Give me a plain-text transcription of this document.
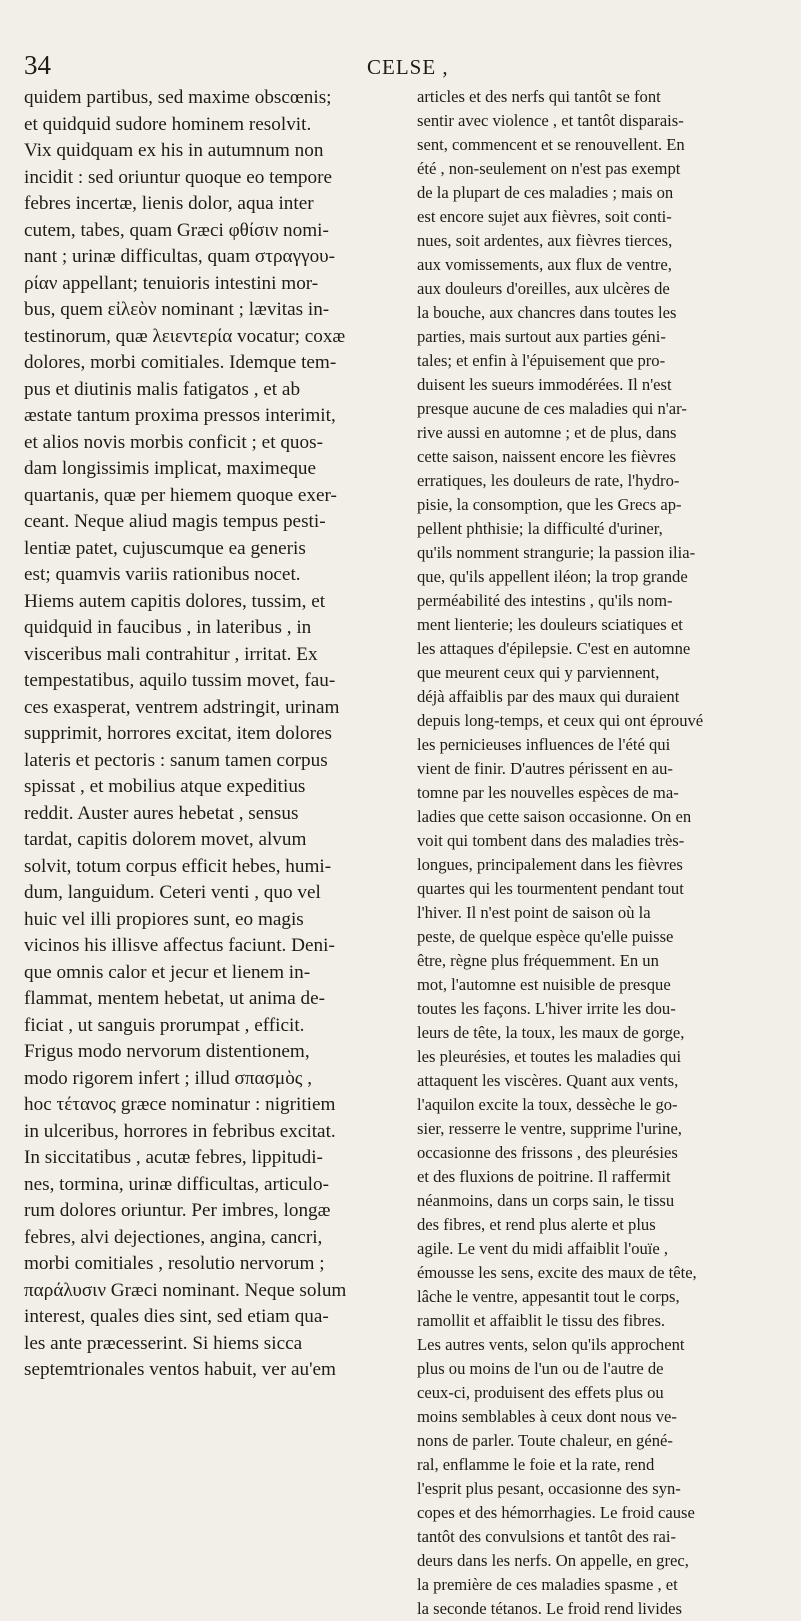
34	CELSE ,
quidem partibus, sed maxime obscœnis;
et quidquid sudore hominem resolvit.
Vix quidquam ex his in autumnum non
incidit : sed oriuntur quoque eo tempore
febres incertæ, lienis dolor, aqua inter
cutem, tabes, quam Græci φθίσιν nomi-
nant ; urinæ difficultas, quam στραγγου-
ρίαν appellant; tenuioris intestini mor-
bus, quem εἰλεὸν nominant ; lævitas in-
testinorum, quæ λειεντερία vocatur; coxæ
dolores, morbi comitiales. Idemque tem-
pus et diutinis malis fatigatos , et ab
æstate tantum proxima pressos interimit,
et alios novis morbis conficit ; et quos-
dam longissimis implicat, maximeque
quartanis, quæ per hiemem quoque exer-
ceant. Neque aliud magis tempus pesti-
lentiæ patet, cujuscumque ea generis
est; quamvis variis rationibus nocet.
Hiems autem capitis dolores, tussim, et
quidquid in faucibus , in lateribus , in
visceribus mali contrahitur , irritat. Ex
tempestatibus, aquilo tussim movet, fau-
ces exasperat, ventrem adstringit, urinam
supprimit, horrores excitat, item dolores
lateris et pectoris : sanum tamen corpus
spissat , et mobilius atque expeditius
reddit. Auster aures hebetat , sensus
tardat, capitis dolorem movet, alvum
solvit, totum corpus efficit hebes, humi-
dum, languidum. Ceteri venti , quo vel
huic vel illi propiores sunt, eo magis
vicinos his illisve affectus faciunt. Deni-
que omnis calor et jecur et lienem in-
flammat, mentem hebetat, ut anima de-
ficiat , ut sanguis prorumpat , efficit.
Frigus modo nervorum distentionem,
modo rigorem infert ; illud σπασμὸς ,
hoc τέτανος græce nominatur : nigritiem
in ulceribus, horrores in febribus excitat.
In siccitatibus , acutæ febres, lippitudi-
nes, tormina, urinæ difficultas, articulo-
rum dolores oriuntur. Per imbres, longæ
febres, alvi dejectiones, angina, cancri,
morbi comitiales , resolutio nervorum ;
παράλυσιν Græci nominant. Neque solum
interest, quales dies sint, sed etiam qua-
les ante præcesserint. Si hiems sicca
septemtrionales ventos habuit, ver au'em
articles et des nerfs qui tantôt se font
sentir avec violence , et tantôt disparais-
sent, commencent et se renouvellent. En
été , non-seulement on n'est pas exempt
de la plupart de ces maladies ; mais on
est encore sujet aux fièvres, soit conti-
nues, soit ardentes, aux fièvres tierces,
aux vomissements, aux flux de ventre,
aux douleurs d'oreilles, aux ulcères de
la bouche, aux chancres dans toutes les
parties, mais surtout aux parties géni-
tales; et enfin à l'épuisement que pro-
duisent les sueurs immodérées. Il n'est
presque aucune de ces maladies qui n'ar-
rive aussi en automne ; et de plus, dans
cette saison, naissent encore les fièvres
erratiques, les douleurs de rate, l'hydro-
pisie, la consomption, que les Grecs ap-
pellent phthisie; la difficulté d'uriner,
qu'ils nomment strangurie; la passion ilia-
que, qu'ils appellent iléon; la trop grande
perméabilité des intestins , qu'ils nom-
ment lienterie; les douleurs sciatiques et
les attaques d'épilepsie. C'est en automne
que meurent ceux qui y parviennent,
déjà affaiblis par des maux qui duraient
depuis long-temps, et ceux qui ont éprouvé
les pernicieuses influences de l'été qui
vient de finir. D'autres périssent en au-
tomne par les nouvelles espèces de ma-
ladies que cette saison occasionne. On en
voit qui tombent dans des maladies très-
longues, principalement dans les fièvres
quartes qui les tourmentent pendant tout
l'hiver. Il n'est point de saison où la
peste, de quelque espèce qu'elle puisse
être, règne plus fréquemment. En un
mot, l'automne est nuisible de presque
toutes les façons. L'hiver irrite les dou-
leurs de tête, la toux, les maux de gorge,
les pleurésies, et toutes les maladies qui
attaquent les viscères. Quant aux vents,
l'aquilon excite la toux, dessèche le go-
sier, resserre le ventre, supprime l'urine,
occasionne des frissons , des pleurésies
et des fluxions de poitrine. Il raffermit
néanmoins, dans un corps sain, le tissu
des fibres, et rend plus alerte et plus
agile. Le vent du midi affaiblit l'ouïe ,
émousse les sens, excite des maux de tête,
lâche le ventre, appesantit tout le corps,
ramollit et affaiblit le tissu des fibres.
Les autres vents, selon qu'ils approchent
plus ou moins de l'un ou de l'autre de
ceux-ci, produisent des effets plus ou
moins semblables à ceux dont nous ve-
nons de parler. Toute chaleur, en géné-
ral, enflamme le foie et la rate, rend
l'esprit plus pesant, occasionne des syn-
copes et des hémorrhagies. Le froid cause
tantôt des convulsions et tantôt des rai-
deurs dans les nerfs. On appelle, en grec,
la première de ces maladies spasme , et
la seconde tétanos. Le froid rend livides
